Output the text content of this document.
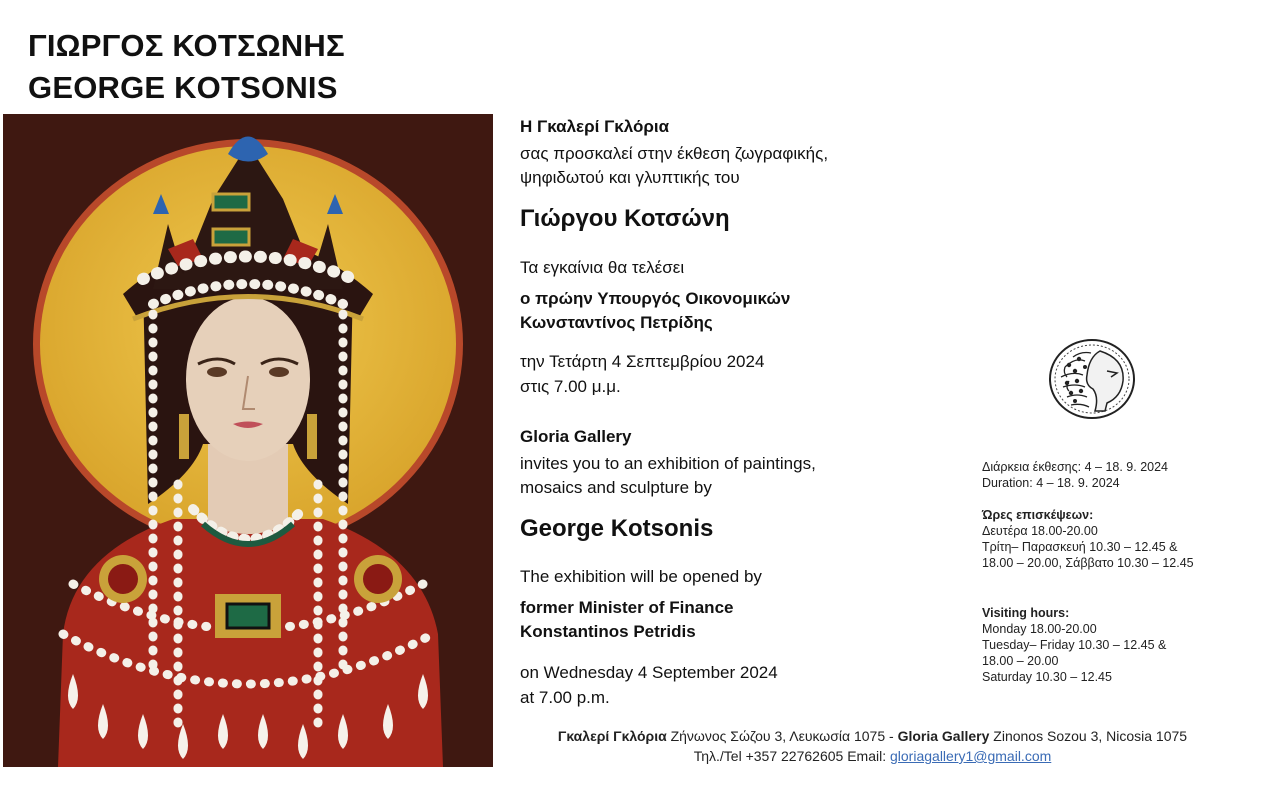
ΓΙΩΡΓΟΣ ΚΟΤΣΩΝΗΣ
GEORGE KOTSONIS
Η Γκαλερί Γκλόρια
σας προσκαλεί στην έκθεση ζωγραφικής,
ψηφιδωτού και γλυπτικής του
Γιώργου Κοτσώνη
Τα εγκαίνια θα τελέσει
ο πρώην Υπουργός Οικονομικών
Κωνσταντίνος Πετρίδης
την Τετάρτη 4 Σεπτεμβρίου 2024
στις 7.00 μ.μ.
Gloria Gallery
invites you to an exhibition of paintings,
mosaics and sculpture by
George Kotsonis
The exhibition will be opened by
former Minister of Finance
Konstantinos Petridis
on Wednesday 4 September 2024
at 7.00 p.m.
Διάρκεια έκθεσης: 4 – 18. 9. 2024
Duration: 4 – 18. 9. 2024
Ώρες επισκέψεων:
Δευτέρα 18.00-20.00
Τρίτη– Παρασκευή 10.30 – 12.45 &
18.00 – 20.00, Σάββατο 10.30 – 12.45
Visiting hours:
Monday 18.00-20.00
Tuesday– Friday 10.30 – 12.45 &
18.00 – 20.00
Saturday 10.30 – 12.45
Γκαλερί Γκλόρια Ζήνωνος Σώζου 3, Λευκωσία 1075 - Gloria Gallery Zinonos Sozou 3, Nicosia 1075
Τηλ./Tel +357 22762605 Email: gloriagallery1@gmail.com
